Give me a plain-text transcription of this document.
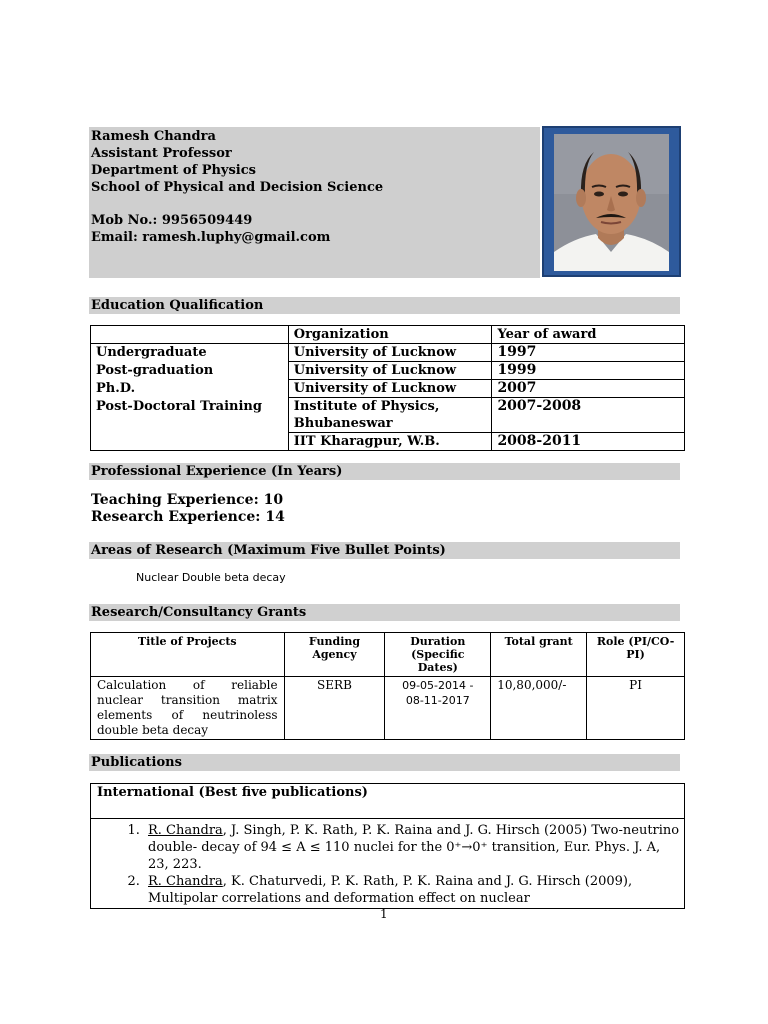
Ramesh Chandra
Assistant Professor
Department of Physics
School of Physical and Decision Science
Mob No.: 9956509449
Email: ramesh.luphy@gmail.com
Education Qualification
	Organization	Year of award
Undergraduate	University of Lucknow	1997
Post-graduation	University of Lucknow	1999
Ph.D.	University of Lucknow	2007
Post-Doctoral Training	Institute of Physics, Bhubaneswar	2007-2008
	IIT Kharagpur, W.B.	2008-2011
Professional Experience (In Years)
Teaching Experience: 10
Research Experience: 14
Areas of Research (Maximum Five Bullet Points)
Nuclear Double beta decay
Research/Consultancy Grants
Title of Projects	Funding Agency	Duration (Specific Dates)	Total grant	Role (PI/CO-PI)
Calculation of reliable nuclear transition matrix elements of neutrinoless double beta decay	SERB	09-05-2014 - 08-11-2017	10,80,000/-	PI
Publications
International (Best five publications)

1. R. Chandra, J. Singh, P. K. Rath, P. K. Raina and J. G. Hirsch (2005) Two-neutrino double- decay of 94 ≤ A ≤ 110 nuclei for the 0⁺→0⁺ transition, Eur. Phys. J. A, 23, 223.
2. R. Chandra, K. Chaturvedi, P. K. Rath, P. K. Raina and J. G. Hirsch (2009), Multipolar correlations and deformation effect on nuclear
1
